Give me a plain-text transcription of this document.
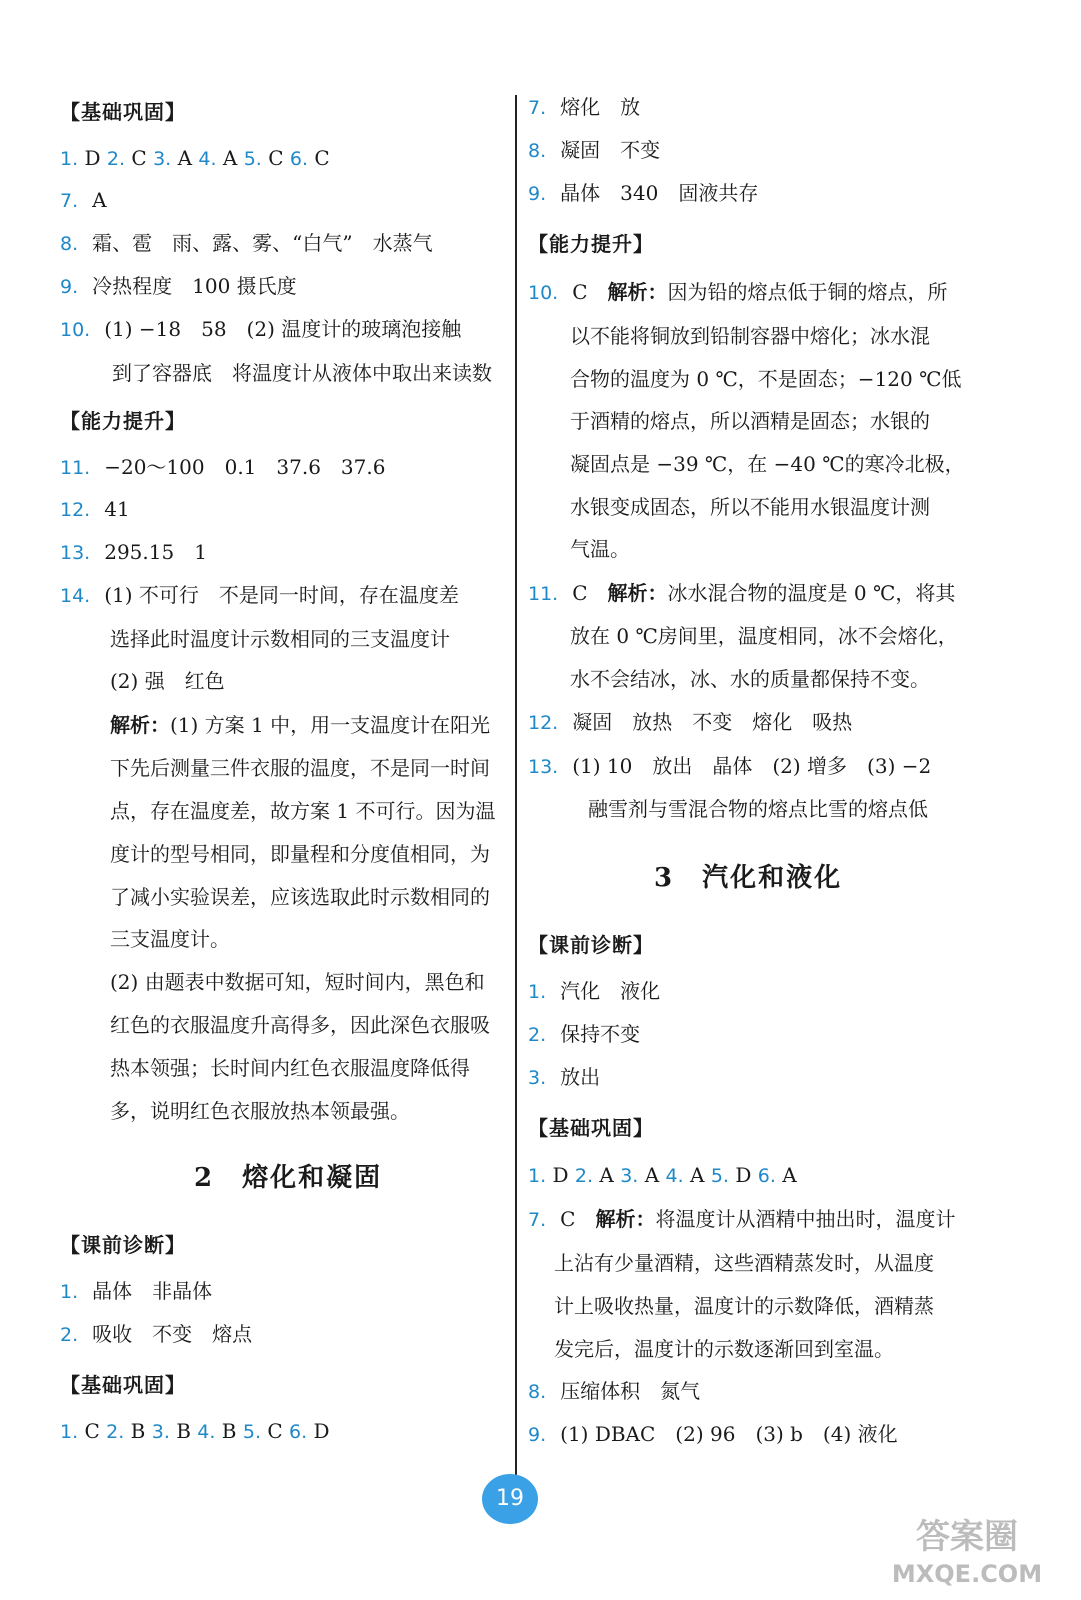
【基础巩固】
1. D 2. C 3. A 4. A 5. C 6. C
7. A
8. 霜、雹　雨、露、雾、“白气”　水蒸气
9. 冷热程度　100 摄氏度
10. (1) −18　58　(2) 温度计的玻璃泡接触
到了容器底　将温度计从液体中取出来读数
【能力提升】
11. −20～100　0.1　37.6　37.6
12. 41
13. 295.15　1
14. (1) 不可行　不是同一时间，存在温度差
选择此时温度计示数相同的三支温度计
(2) 强　红色
解析：(1) 方案 1 中，用一支温度计在阳光
下先后测量三件衣服的温度，不是同一时间
点，存在温度差，故方案 1 不可行。因为温
度计的型号相同，即量程和分度值相同，为
了减小实验误差，应该选取此时示数相同的
三支温度计。
(2) 由题表中数据可知，短时间内，黑色和
红色的衣服温度升高得多，因此深色衣服吸
热本领强；长时间内红色衣服温度降低得
多，说明红色衣服放热本领最强。
2　熔化和凝固
【课前诊断】
1. 晶体　非晶体
2. 吸收　不变　熔点
【基础巩固】
1. C 2. B 3. B 4. B 5. C 6. D
7. 熔化　放
8. 凝固　不变
9. 晶体　340　固液共存
【能力提升】
10. C　解析：因为铅的熔点低于铜的熔点，所
以不能将铜放到铅制容器中熔化；冰水混
合物的温度为 0 ℃，不是固态；−120 ℃低
于酒精的熔点，所以酒精是固态；水银的
凝固点是 −39 ℃，在 −40 ℃的寒冷北极，
水银变成固态，所以不能用水银温度计测
气温。
11. C　解析：冰水混合物的温度是 0 ℃，将其
放在 0 ℃房间里，温度相同，冰不会熔化，
水不会结冰，冰、水的质量都保持不变。
12. 凝固　放热　不变　熔化　吸热
13. (1) 10　放出　晶体　(2) 增多　(3) −2
融雪剂与雪混合物的熔点比雪的熔点低
3　汽化和液化
【课前诊断】
1. 汽化　液化
2. 保持不变
3. 放出
【基础巩固】
1. D 2. A 3. A 4. A 5. D 6. A
7. C　解析：将温度计从酒精中抽出时，温度计
上沾有少量酒精，这些酒精蒸发时，从温度
计上吸收热量，温度计的示数降低，酒精蒸
发完后，温度计的示数逐渐回到室温。
8. 压缩体积　氮气
9. (1) DBAC　(2) 96　(3) b　(4) 液化
19
答案圈
MXQE.COM
